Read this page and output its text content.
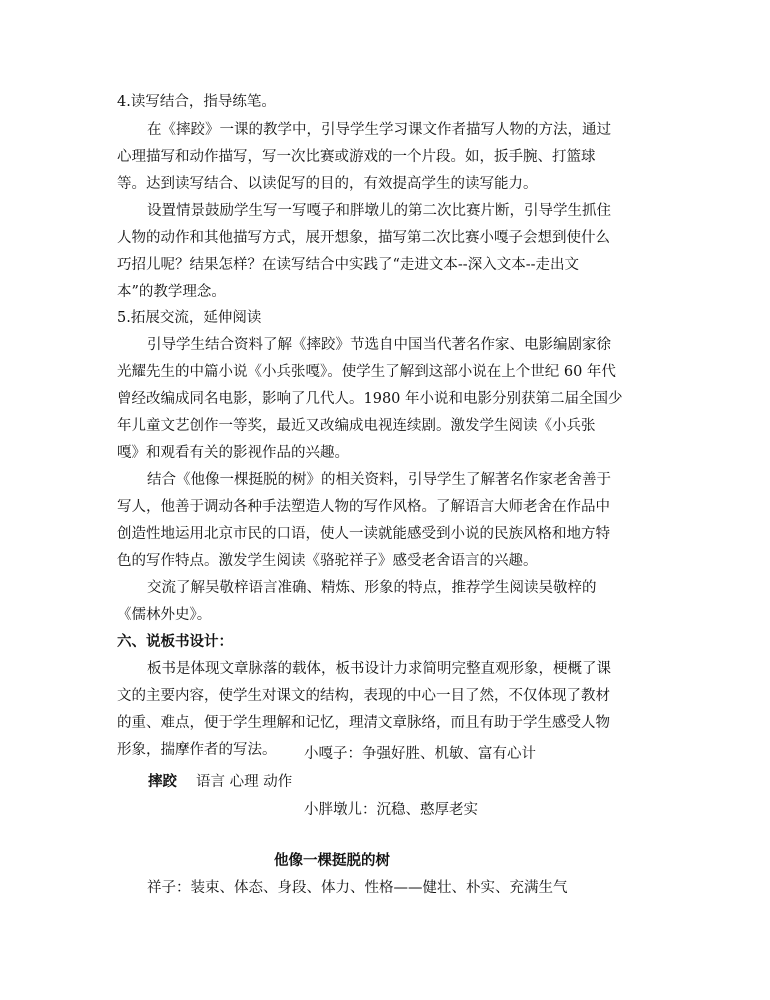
4.读写结合，指导练笔。
在《摔跤》一课的教学中，引导学生学习课文作者描写人物的方法，通过
心理描写和动作描写，写一次比赛或游戏的一个片段。如，扳手腕、打篮球
等。达到读写结合、以读促写的目的，有效提高学生的读写能力。
设置情景鼓励学生写一写嘎子和胖墩儿的第二次比赛片断，引导学生抓住
人物的动作和其他描写方式，展开想象，描写第二次比赛小嘎子会想到使什么
巧招儿呢？结果怎样？在读写结合中实践了“走进文本--深入文本--走出文
本”的教学理念。
5.拓展交流，延伸阅读
引导学生结合资料了解《摔跤》节选自中国当代著名作家、电影编剧家徐
光耀先生的中篇小说《小兵张嘎》。使学生了解到这部小说在上个世纪 60 年代
曾经改编成同名电影，影响了几代人。1980 年小说和电影分别获第二届全国少
年儿童文艺创作一等奖，最近又改编成电视连续剧。激发学生阅读《小兵张
嘎》和观看有关的影视作品的兴趣。
结合《他像一棵挺脱的树》的相关资料，引导学生了解著名作家老舍善于
写人，他善于调动各种手法塑造人物的写作风格。了解语言大师老舍在作品中
创造性地运用北京市民的口语，使人一读就能感受到小说的民族风格和地方特
色的写作特点。激发学生阅读《骆驼祥子》感受老舍语言的兴趣。
交流了解吴敬梓语言准确、精炼、形象的特点，推荐学生阅读吴敬梓的
《儒林外史》。
六、说板书设计：
板书是体现文章脉落的载体，板书设计力求简明完整直观形象，梗概了课
文的主要内容，使学生对课文的结构，表现的中心一目了然，不仅体现了教材
的重、难点，便于学生理解和记忆，理清文章脉络，而且有助于学生感受人物
形象，揣摩作者的写法。 小嘎子：争强好胜、机敏、富有心计
摔跤 语言 心理 动作
小胖墩儿：沉稳、憨厚老实
他像一棵挺脱的树
祥子：装束、体态、身段、体力、性格——健壮、朴实、充满生气
